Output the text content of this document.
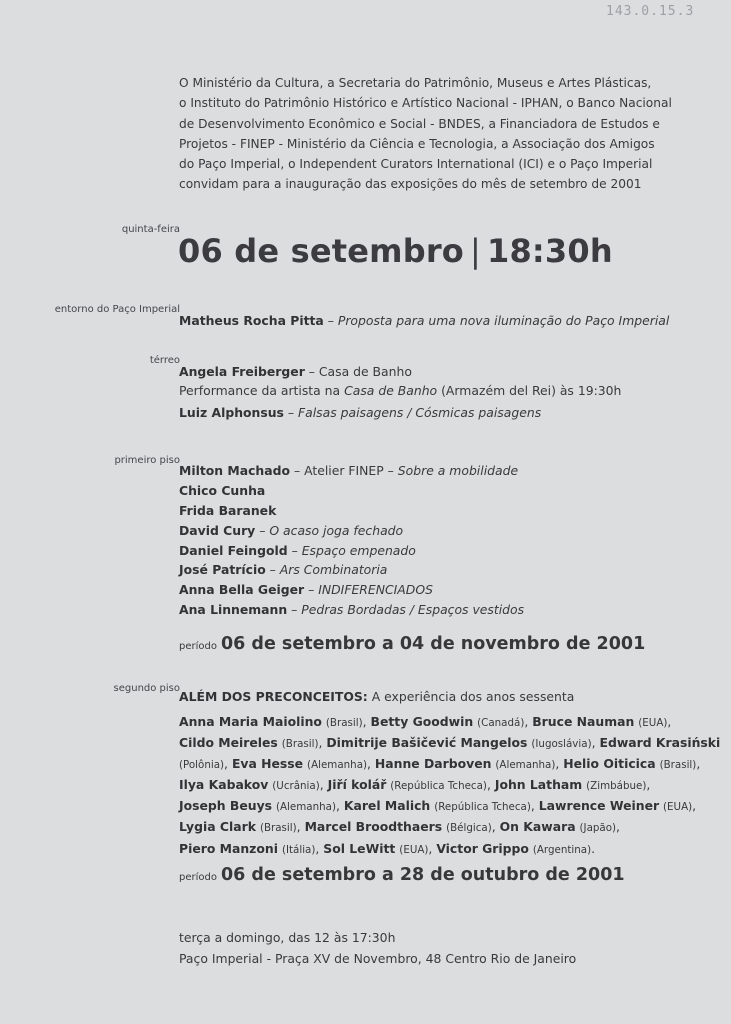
143.0.15.3
O Ministério da Cultura, a Secretaria do Patrimônio, Museus e Artes Plásticas,
o Instituto do Patrimônio Histórico e Artístico Nacional - IPHAN, o Banco Nacional
de Desenvolvimento Econômico e Social - BNDES, a Financiadora de Estudos e
Projetos - FINEP - Ministério da Ciência e Tecnologia, a Associação dos Amigos
do Paço Imperial, o Independent Curators International (ICI) e o Paço Imperial
convidam para a inauguração das exposições do mês de setembro de 2001
quinta-feira
06 de setembro | 18:30h
entorno do Paço Imperial
Matheus Rocha Pitta – Proposta para uma nova iluminação do Paço Imperial
térreo
Angela Freiberger – Casa de Banho
Performance da artista na Casa de Banho (Armazém del Rei) às 19:30h
Luiz Alphonsus – Falsas paisagens / Cósmicas paisagens
primeiro piso
Milton Machado – Atelier FINEP – Sobre a mobilidade
Chico Cunha
Frida Baranek
David Cury – O acaso joga fechado
Daniel Feingold – Espaço empenado
José Patrício – Ars Combinatoria
Anna Bella Geiger – INDIFERENCIADOS
Ana Linnemann – Pedras Bordadas / Espaços vestidos
período 06 de setembro a 04 de novembro de 2001
segundo piso
ALÉM DOS PRECONCEITOS: A experiência dos anos sessenta
Anna Maria Maiolino (Brasil), Betty Goodwin (Canadá), Bruce Nauman (EUA),
Cildo Meireles (Brasil), Dimitrije Bašičević Mangelos (Iugoslávia), Edward Krasiński
(Polônia), Eva Hesse (Alemanha), Hanne Darboven (Alemanha), Helio Oiticica (Brasil),
Ilya Kabakov (Ucrânia), Jiří kolář (República Tcheca), John Latham (Zimbábue),
Joseph Beuys (Alemanha), Karel Malich (República Tcheca), Lawrence Weiner (EUA),
Lygia Clark (Brasil), Marcel Broodthaers (Bélgica), On Kawara (Japão),
Piero Manzoni (Itália), Sol LeWitt (EUA), Victor Grippo (Argentina).
período 06 de setembro a 28 de outubro de 2001
terça a domingo, das 12 às 17:30h
Paço Imperial - Praça XV de Novembro, 48 Centro Rio de Janeiro
